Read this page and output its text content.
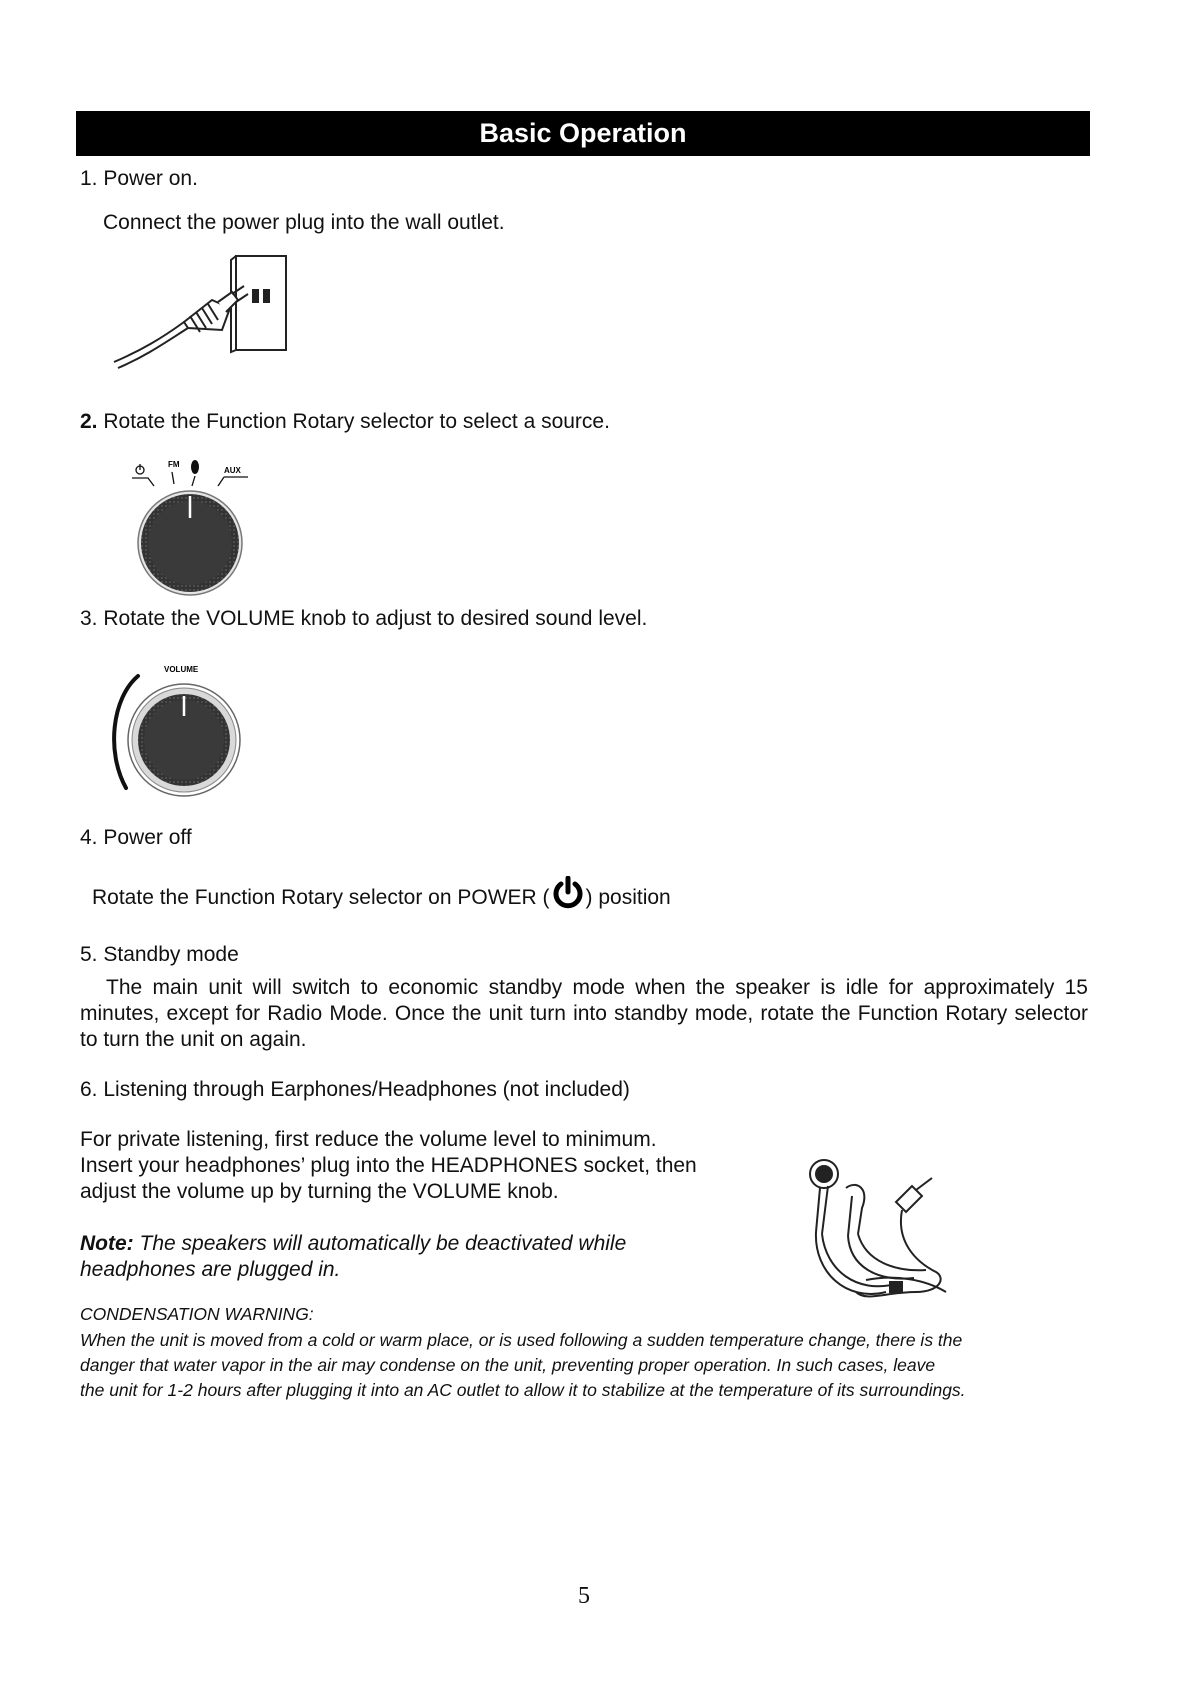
Basic Operation
1. Power on.
Connect the power plug into the wall outlet.
2. Rotate the Function Rotary selector to select a source.
FM
AUX
3. Rotate the VOLUME knob to adjust to desired sound level.
VOLUME
4. Power off
Rotate the Function Rotary selector on POWER ( ) position
5. Standby mode
The main unit will switch to economic standby mode when the speaker is idle for approximately 15 minutes, except for Radio Mode. Once the unit turn into standby mode, rotate the Function Rotary selector to turn the unit on again.
6. Listening through Earphones/Headphones (not included)
For private listening, first reduce the volume level to minimum.
Insert your headphones’ plug into the HEADPHONES socket, then
adjust the volume up by turning the VOLUME knob.
Note: The speakers will automatically be deactivated while
headphones are plugged in.
CONDENSATION WARNING:
When the unit is moved from a cold or warm place, or is used following a sudden temperature change, there is the
danger that water vapor in the air may condense on the unit, preventing proper operation. In such cases, leave
the unit for 1-2 hours after plugging it into an AC outlet to allow it to stabilize at the temperature of its surroundings.
5
